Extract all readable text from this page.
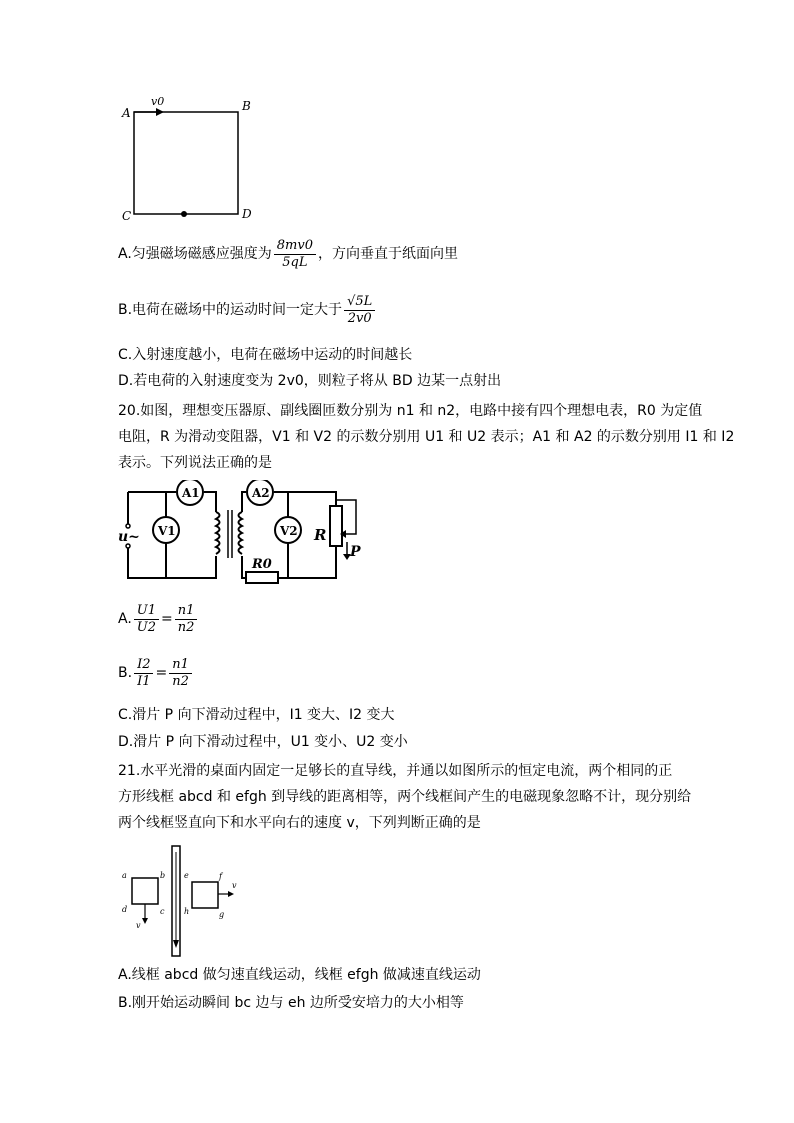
A
v0	B
C	D
A.匀强磁场磁感应强度为 $\frac{8mv0}{5qL}$ ，方向垂直于纸面向里
B.电荷在磁场中的运动时间一定大于 $\frac{√5L}{2v0}$
C.入射速度越小，电荷在磁场中运动的时间越长
D.若电荷的入射速度变为 2v0，则粒子将从 BD 边某一点射出
20.如图，理想变压器原、副线圈匝数分别为 n1 和 n2，电路中接有四个理想电表，R0 为定值
电阻，R 为滑动变阻器，V1 和 V2 的示数分别用 U1 和 U2 表示；A1 和 A2 的示数分别用 I1 和 I2
表示。下列说法正确的是
A1
V1
u~
A2
V2
R0
R
P
A. $\frac{U1}{U2} = \frac{n1}{n2}$
B. $\frac{I2}{I1} = \frac{n1}{n2}$
C.滑片 P 向下滑动过程中，I1 变大、I2 变大
D.滑片 P 向下滑动过程中，U1 变小、U2 变小
21.水平光滑的桌面内固定一足够长的直导线，并通以如图所示的恒定电流，两个相同的正
方形线框 abcd 和 efgh 到导线的距离相等，两个线框间产生的电磁现象忽略不计，现分别给
两个线框竖直向下和水平向右的速度 v，下列判断正确的是
a	b
c
d
v
e	f
g
h
v
A.线框 abcd 做匀速直线运动，线框 efgh 做减速直线运动
B.刚开始运动瞬间 bc 边与 eh 边所受安培力的大小相等
